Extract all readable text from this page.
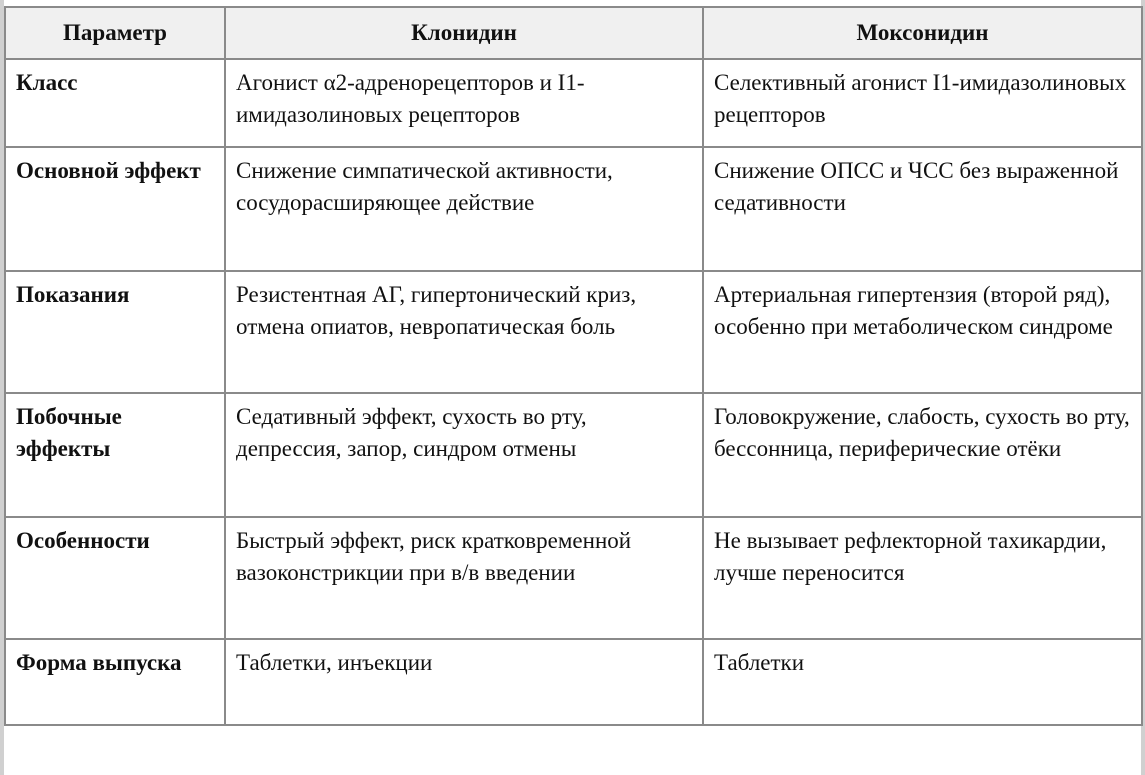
Параметр	Клонидин	Моксонидин
Класс	Агонист α2-адренорецепторов и I1-имидазолиновых рецепторов	Селективный агонист I1-имидазолиновых рецепторов
Основной эффект	Снижение симпатической активности, сосудорасширяющее действие	Снижение ОПСС и ЧСС без выраженной седативности
Показания	Резистентная АГ, гипертонический криз, отмена опиатов, невропатическая боль	Артериальная гипертензия (второй ряд), особенно при метаболическом синдроме
Побочные эффекты	Седативный эффект, сухость во рту, депрессия, запор, синдром отмены	Головокружение, слабость, сухость во рту, бессонница, периферические отёки
Особенности	Быстрый эффект, риск кратковременной вазоконстрикции при в/в введении	Не вызывает рефлекторной тахикардии, лучше переносится
Форма выпуска	Таблетки, инъекции	Таблетки
